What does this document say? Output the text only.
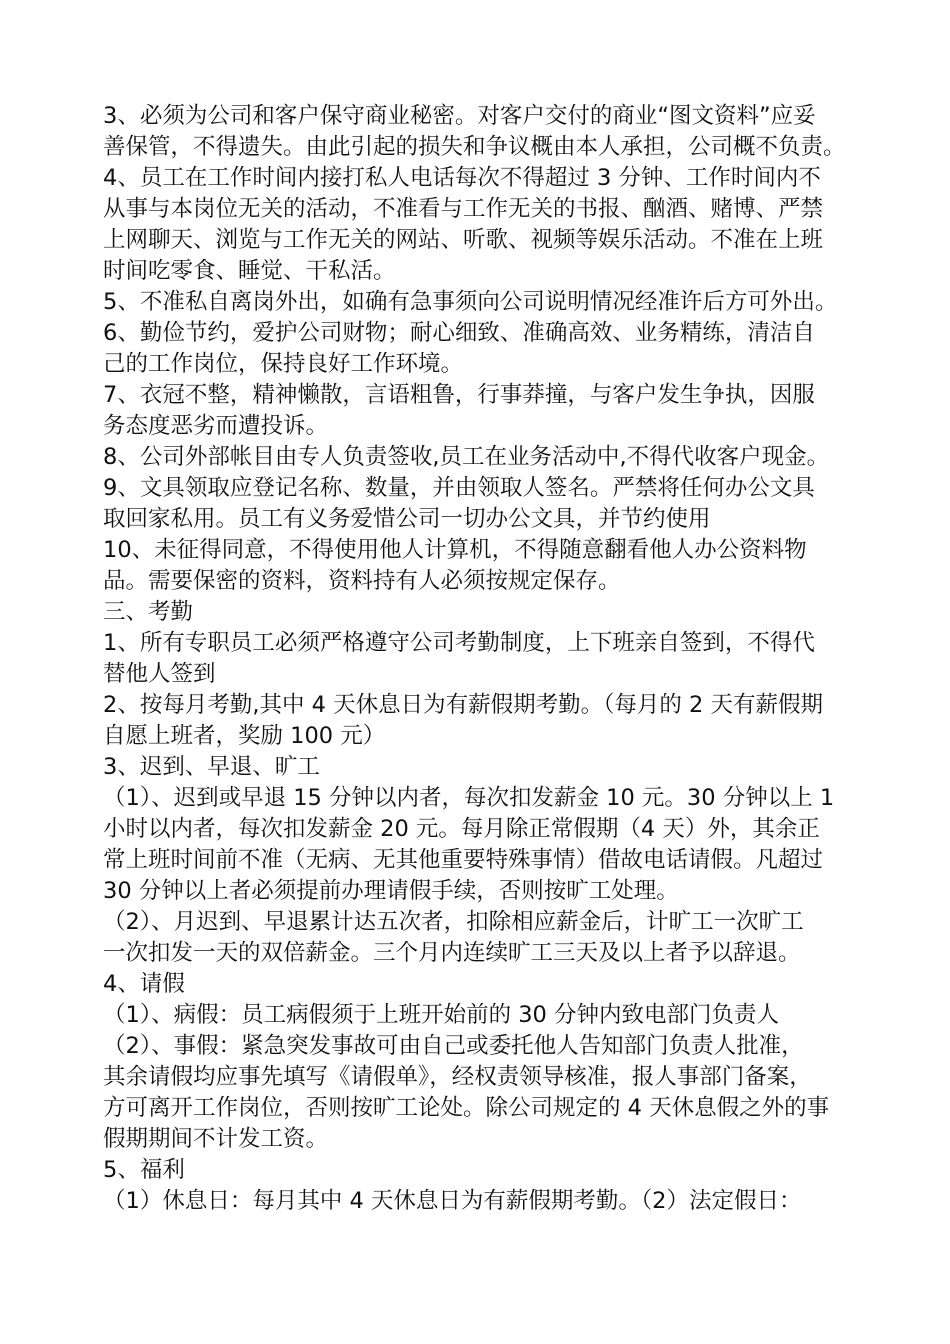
3、必须为公司和客户保守商业秘密。对客户交付的商业“图文资料”应妥
善保管，不得遗失。由此引起的损失和争议概由本人承担，公司概不负责。
4、员工在工作时间内接打私人电话每次不得超过 3 分钟、工作时间内不
从事与本岗位无关的活动，不准看与工作无关的书报、酗酒、赌博、严禁
上网聊天、浏览与工作无关的网站、听歌、视频等娱乐活动。不准在上班
时间吃零食、睡觉、干私活。
5、不准私自离岗外出，如确有急事须向公司说明情况经准许后方可外出。
6、勤俭节约，爱护公司财物；耐心细致、准确高效、业务精练，清洁自
己的工作岗位，保持良好工作环境。
7、衣冠不整，精神懒散，言语粗鲁，行事莽撞，与客户发生争执，因服
务态度恶劣而遭投诉。
8、公司外部帐目由专人负责签收,员工在业务活动中,不得代收客户现金。
9、文具领取应登记名称、数量，并由领取人签名。严禁将任何办公文具
取回家私用。员工有义务爱惜公司一切办公文具，并节约使用
10、未征得同意，不得使用他人计算机，不得随意翻看他人办公资料物
品。需要保密的资料，资料持有人必须按规定保存。
三、考勤
1、所有专职员工必须严格遵守公司考勤制度，上下班亲自签到，不得代
替他人签到
2、按每月考勤,其中 4 天休息日为有薪假期考勤。（每月的 2 天有薪假期
自愿上班者，奖励 100 元）
3、迟到、早退、旷工
（1）、迟到或早退 15 分钟以内者，每次扣发薪金 10 元。30 分钟以上 1
小时以内者，每次扣发薪金 20 元。每月除正常假期（4 天）外，其余正
常上班时间前不准（无病、无其他重要特殊事情）借故电话请假。凡超过
30 分钟以上者必须提前办理请假手续，否则按旷工处理。
（2）、月迟到、早退累计达五次者，扣除相应薪金后，计旷工一次旷工
一次扣发一天的双倍薪金。三个月内连续旷工三天及以上者予以辞退。
4、请假
（1）、病假：员工病假须于上班开始前的 30 分钟内致电部门负责人
（2）、事假：紧急突发事故可由自己或委托他人告知部门负责人批准，
其余请假均应事先填写《请假单》，经权责领导核准，报人事部门备案，
方可离开工作岗位，否则按旷工论处。除公司规定的 4 天休息假之外的事
假期期间不计发工资。
5、福利
（1）休息日：每月其中 4 天休息日为有薪假期考勤。（2）法定假日：
